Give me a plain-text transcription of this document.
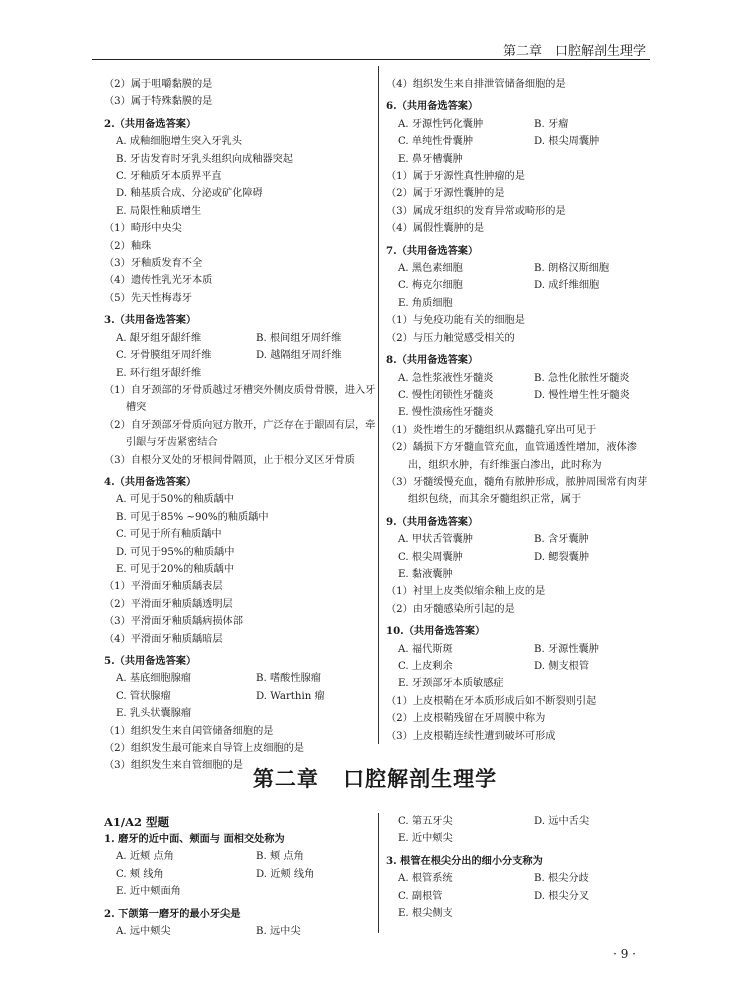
第二章　口腔解剖生理学
（2）属于咀嚼黏膜的是
（3）属于特殊黏膜的是
2.（共用备选答案）
A. 成釉细胞增生突入牙乳头
B. 牙齿发育时牙乳头组织向成釉器突起
C. 牙釉质牙本质界平直
D. 釉基质合成、分泌或矿化障碍
E. 局限性釉质增生
（1）畸形中央尖
（2）釉珠
（3）牙釉质发育不全
（4）遗传性乳光牙本质
（5）先天性梅毒牙
3.（共用备选答案）
A. 龈牙组牙龈纤维	B. 根间组牙周纤维
C. 牙骨膜组牙周纤维	D. 越隔组牙周纤维
E. 环行组牙龈纤维
（1）自牙颈部的牙骨质越过牙槽突外侧皮质骨骨膜，进入牙槽突
（2）自牙颈部牙骨质向冠方散开，广泛存在于龈固有层，牵引龈与牙齿紧密结合
（3）自根分叉处的牙根间骨隔顶，止于根分叉区牙骨质
4.（共用备选答案）
A. 可见于50%的釉质龋中
B. 可见于85% ~90%的釉质龋中
C. 可见于所有釉质龋中
D. 可见于95%的釉质龋中
E. 可见于20%的釉质龋中
（1）平滑面牙釉质龋表层
（2）平滑面牙釉质龋透明层
（3）平滑面牙釉质龋病损体部
（4）平滑面牙釉质龋暗层
5.（共用备选答案）
A. 基底细胞腺瘤	B. 嗜酸性腺瘤
C. 管状腺瘤	D. Warthin 瘤
E. 乳头状囊腺瘤
（1）组织发生来自闰管储备细胞的是
（2）组织发生最可能来自导管上皮细胞的是
（3）组织发生来自管细胞的是
（4）组织发生来自排泄管储备细胞的是
6.（共用备选答案）
A. 牙源性钙化囊肿	B. 牙瘤
C. 单纯性骨囊肿	D. 根尖周囊肿
E. 鼻牙槽囊肿
（1）属于牙源性真性肿瘤的是
（2）属于牙源性囊肿的是
（3）属成牙组织的发育异常或畸形的是
（4）属假性囊肿的是
7.（共用备选答案）
A. 黑色素细胞	B. 朗格汉斯细胞
C. 梅克尔细胞	D. 成纤维细胞
E. 角质细胞
（1）与免疫功能有关的细胞是
（2）与压力触觉感受相关的
8.（共用备选答案）
A. 急性浆液性牙髓炎	B. 急性化脓性牙髓炎
C. 慢性闭锁性牙髓炎	D. 慢性增生性牙髓炎
E. 慢性溃疡性牙髓炎
（1）炎性增生的牙髓组织从露髓孔穿出可见于
（2）龋损下方牙髓血管充血，血管通透性增加，液体渗出，组织水肿，有纤维蛋白渗出，此时称为
（3）牙髓缓慢充血，髓角有脓肿形成，脓肿周围常有肉芽组织包绕，而其余牙髓组织正常，属于
9.（共用备选答案）
A. 甲状舌管囊肿	B. 含牙囊肿
C. 根尖周囊肿	D. 鳃裂囊肿
E. 黏液囊肿
（1）衬里上皮类似缩余釉上皮的是
（2）由牙髓感染所引起的是
10.（共用备选答案）
A. 福代斯斑	B. 牙源性囊肿
C. 上皮剩余	D. 侧支根管
E. 牙颈部牙本质敏感症
（1）上皮根鞘在牙本质形成后如不断裂则引起
（2）上皮根鞘残留在牙周膜中称为
（3）上皮根鞘连续性遭到破坏可形成
第二章 口腔解剖生理学
A1/A2 型题
1. 磨牙的近中面、颊面与 面相交处称为
A. 近颊 点角	B. 颊 点角
C. 颊 线角	D. 近颊 线角
E. 近中颊面角
2. 下颌第一磨牙的最小牙尖是
A. 远中颊尖	B. 远中尖
C. 第五牙尖	D. 远中舌尖
E. 近中颊尖
3. 根管在根尖分出的细小分支称为
A. 根管系统	B. 根尖分歧
C. 副根管	D. 根尖分叉
E. 根尖侧支
· 9 ·
